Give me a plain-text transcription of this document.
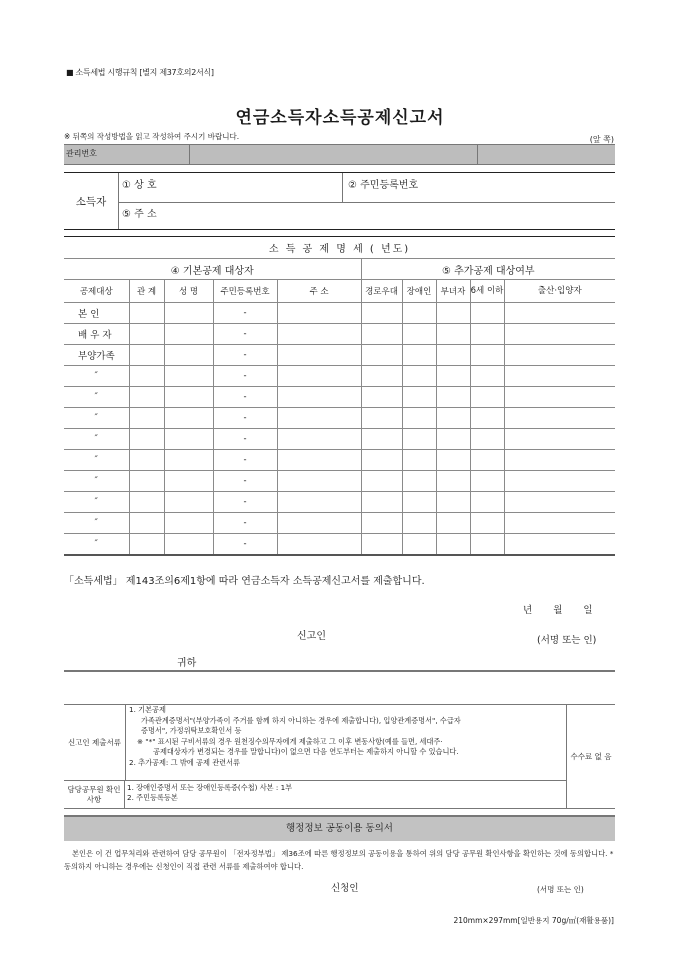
■ 소득세법 시행규칙 [별지 제37호의2서식]
연금소득자소득공제신고서
※ 뒤쪽의 작성방법을 읽고 작성하여 주시기 바랍니다.	(앞 쪽)
관리번호
소득자
① 상 호	② 주민등록번호
⑤ 주 소
소 득 공 제 명 세 ( 년도)									
④ 기본공제 대상자					⑤ 추가공제 대상여부				
공제대상	관 계	성 명	주민등록번호	주 소	경로우대	장애인	부녀자	6세 이하	출산·입양자
본 인			-						
배 우 자			-						
부양가족			-						
″			-						
″			-						
″			-						
″			-						
″			-						
″			-						
″			-						
″			-						
″			-						
「소득세법」 제143조의6제1항에 따라 연금소득자 소득공제신고서를 제출합니다.
년 월 일
신고인	(서명 또는 인)
귀하
신고인 제출서류
1. 기본공제
가족관계증명서"(부양가족이 주거를 함께 하지 아니하는 경우에 제출합니다), 입양관계증명서", 수급자
증명서", 가정위탁보호확인서 등
※ "*" 표시된 구비서류의 경우 원천징수의무자에게 제출하고 그 이후 변동사항(예를 들면, 세대주·
공제대상자가 변경되는 경우를 말합니다)이 없으면 다음 연도부터는 제출하지 아니할 수 있습니다.
2. 추가공제: 그 밖에 공제 관련서류
수수료 없 음
담당공무원 확인사항
1. 장애인증명서 또는 장애인등록증(수첩) 사본 : 1부
2. 주민등록등본
행정정보 공동이용 동의서
본인은 이 건 업무처리와 관련하여 담당 공무원이 「전자정부법」 제36조에 따른 행정정보의 공동이용을 통하여 위의 담당 공무원 확인사항을 확인하는 것에 동의합니다. *동의하지 아니하는 경우에는 신청인이 직접 관련 서류를 제출하여야 합니다.
신청인	(서명 또는 인)
210mm×297mm[일반용지 70g/㎡(재활용품)]
